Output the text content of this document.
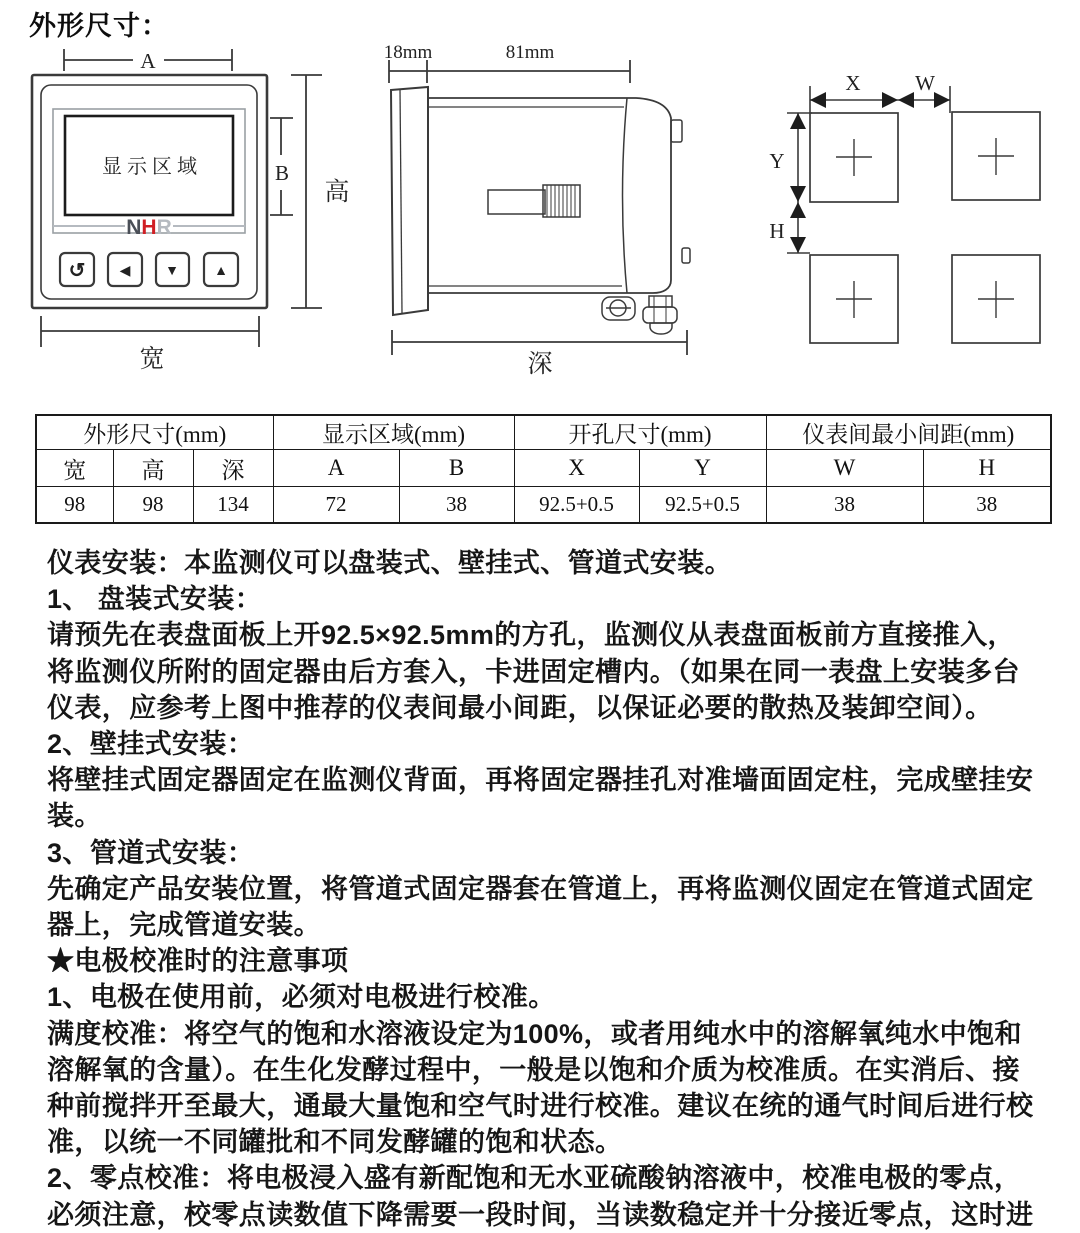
外形尺寸：
A
显示区域
NHR
↺ ◀ ▼	▲
B
高
宽
18mm	81mm
深
X	W
Y
H
外形尺寸(mm)			显示区域(mm)		开孔尺寸(mm)		仪表间最小间距(mm)	
宽	高	深	A	B	X	Y	W	H
98	98	134	72	38	92.5+0.5	92.5+0.5	38	38
仪表安装：本监测仪可以盘装式、壁挂式、管道式安装。
1、 盘装式安装：
请预先在表盘面板上开92.5×92.5mm的方孔，监测仪从表盘面板前方直接推入，
将监测仪所附的固定器由后方套入，卡进固定槽内。（如果在同一表盘上安装多台
仪表，应参考上图中推荐的仪表间最小间距，以保证必要的散热及装卸空间）。
2、壁挂式安装：
将壁挂式固定器固定在监测仪背面，再将固定器挂孔对准墙面固定柱，完成壁挂安
装。
3、管道式安装：
先确定产品安装位置，将管道式固定器套在管道上，再将监测仪固定在管道式固定
器上，完成管道安装。
★电极校准时的注意事项
1、电极在使用前，必须对电极进行校准。
满度校准：将空气的饱和水溶液设定为100%，或者用纯水中的溶解氧纯水中饱和
溶解氧的含量）。在生化发酵过程中，一般是以饱和介质为校准质。在实消后、接
种前搅拌开至最大，通最大量饱和空气时进行校准。建议在统的通气时间后进行校
准，以统一不同罐批和不同发酵罐的饱和状态。
2、零点校准：将电极浸入盛有新配饱和无水亚硫酸钠溶液中，校准电极的零点，
必须注意，校零点读数值下降需要一段时间，当读数稳定并十分接近零点，这时进
